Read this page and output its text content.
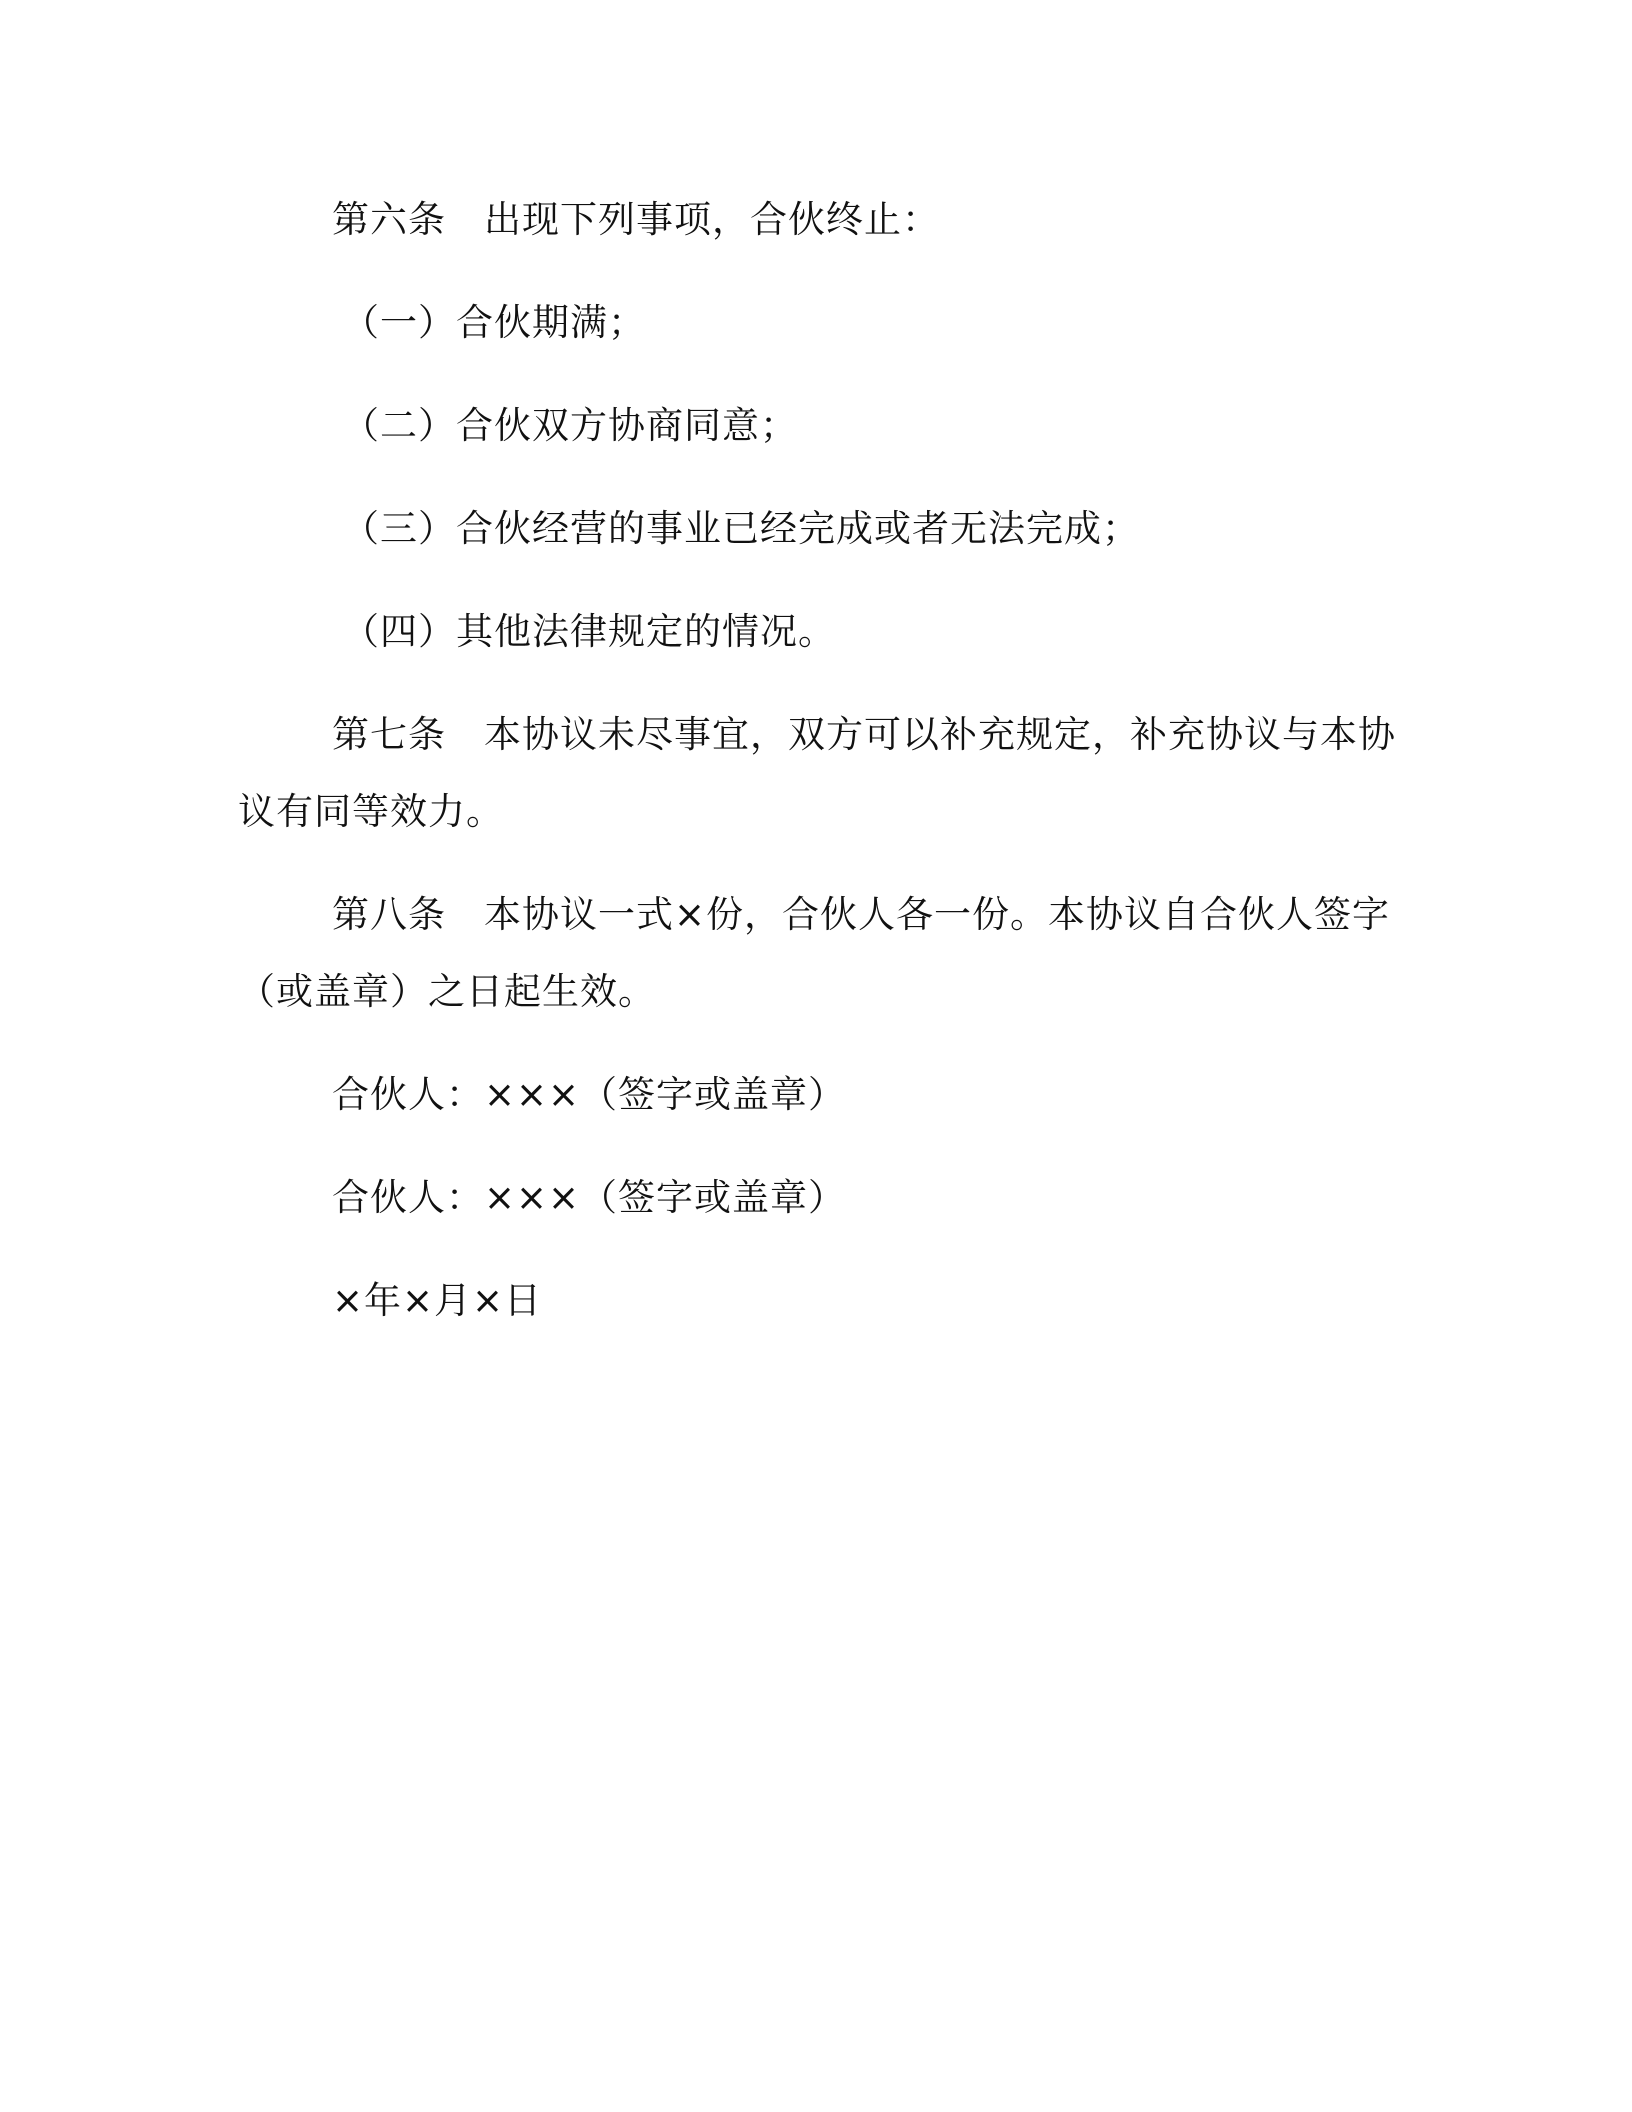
第六条 出现下列事项，合伙终止：
（一）合伙期满；
（二）合伙双方协商同意；
（三）合伙经营的事业已经完成或者无法完成；
（四）其他法律规定的情况。
第七条 本协议未尽事宜，双方可以补充规定，补充协议与本协
议有同等效力。
第八条 本协议一式×份，合伙人各一份。本协议自合伙人签字
（或盖章）之日起生效。
合伙人：×××（签字或盖章）
合伙人：×××（签字或盖章）
×年×月×日
